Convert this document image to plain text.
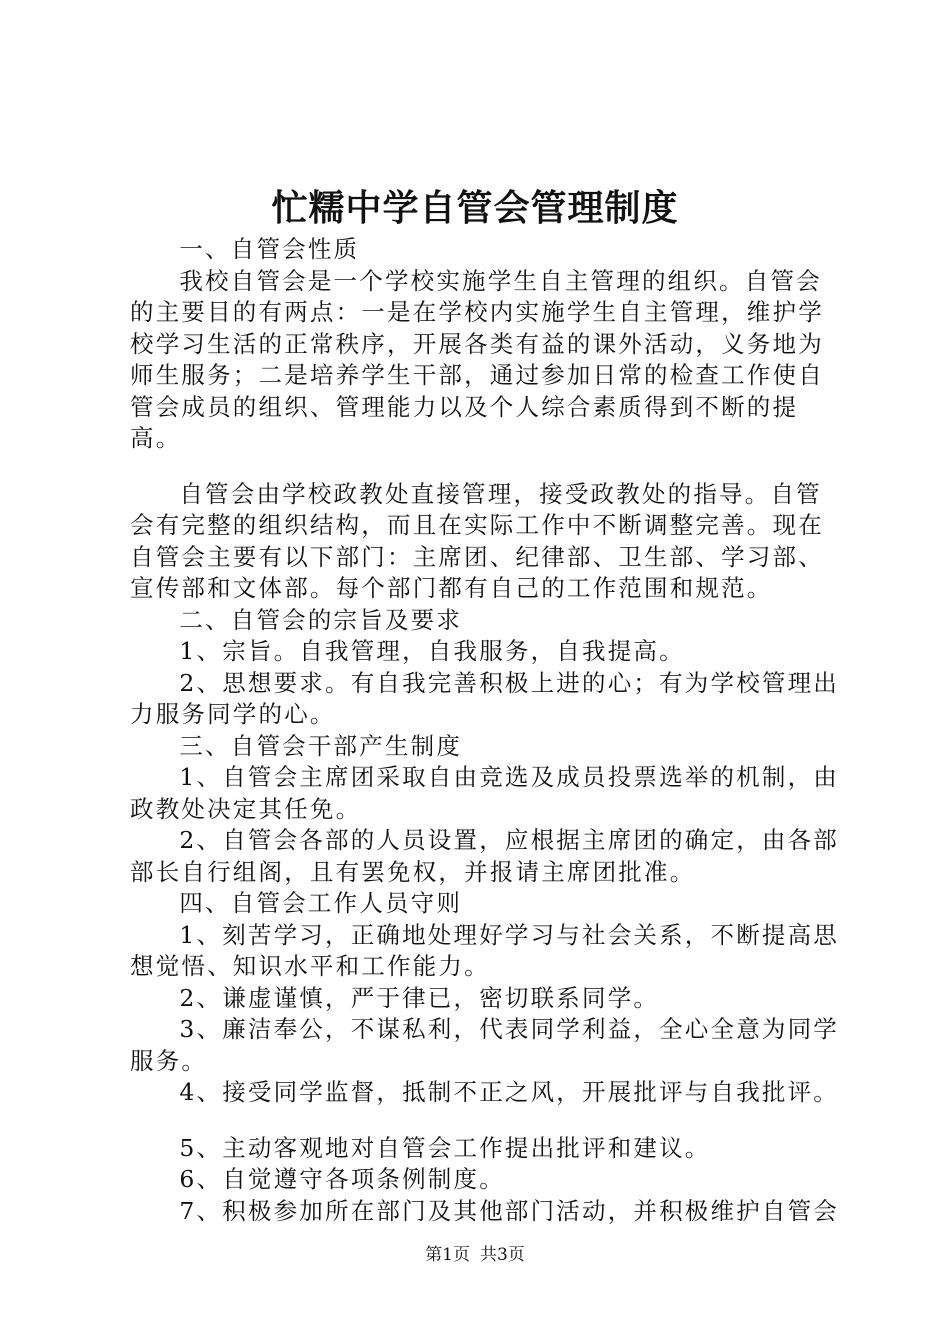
忙糯中学自管会管理制度

一、自管会性质

我校自管会是一个学校实施学生自主管理的组织。自管会的主要目的有两点：一是在学校内实施学生自主管理，维护学校学习生活的正常秩序，开展各类有益的课外活动，义务地为师生服务；二是培养学生干部，通过参加日常的检查工作使自管会成员的组织、管理能力以及个人综合素质得到不断的提高。

自管会由学校政教处直接管理，接受政教处的指导。自管会有完整的组织结构，而且在实际工作中不断调整完善。现在自管会主要有以下部门：主席团、纪律部、卫生部、学习部、宣传部和文体部。每个部门都有自己的工作范围和规范。

二、自管会的宗旨及要求

1、宗旨。自我管理，自我服务，自我提高。

2、思想要求。有自我完善积极上进的心；有为学校管理出力服务同学的心。

三、自管会干部产生制度

1、自管会主席团采取自由竞选及成员投票选举的机制，由政教处决定其任免。

2、自管会各部的人员设置，应根据主席团的确定，由各部部长自行组阁，且有罢免权，并报请主席团批准。

四、自管会工作人员守则

1、刻苦学习，正确地处理好学习与社会关系，不断提高思想觉悟、知识水平和工作能力。

2、谦虚谨慎，严于律已，密切联系同学。

3、廉洁奉公，不谋私利，代表同学利益，全心全意为同学服务。

4、接受同学监督，抵制不正之风，开展批评与自我批评。

5、主动客观地对自管会工作提出批评和建议。

6、自觉遵守各项条例制度。

7、积极参加所在部门及其他部门活动，并积极维护自管会

第1页 共3页
